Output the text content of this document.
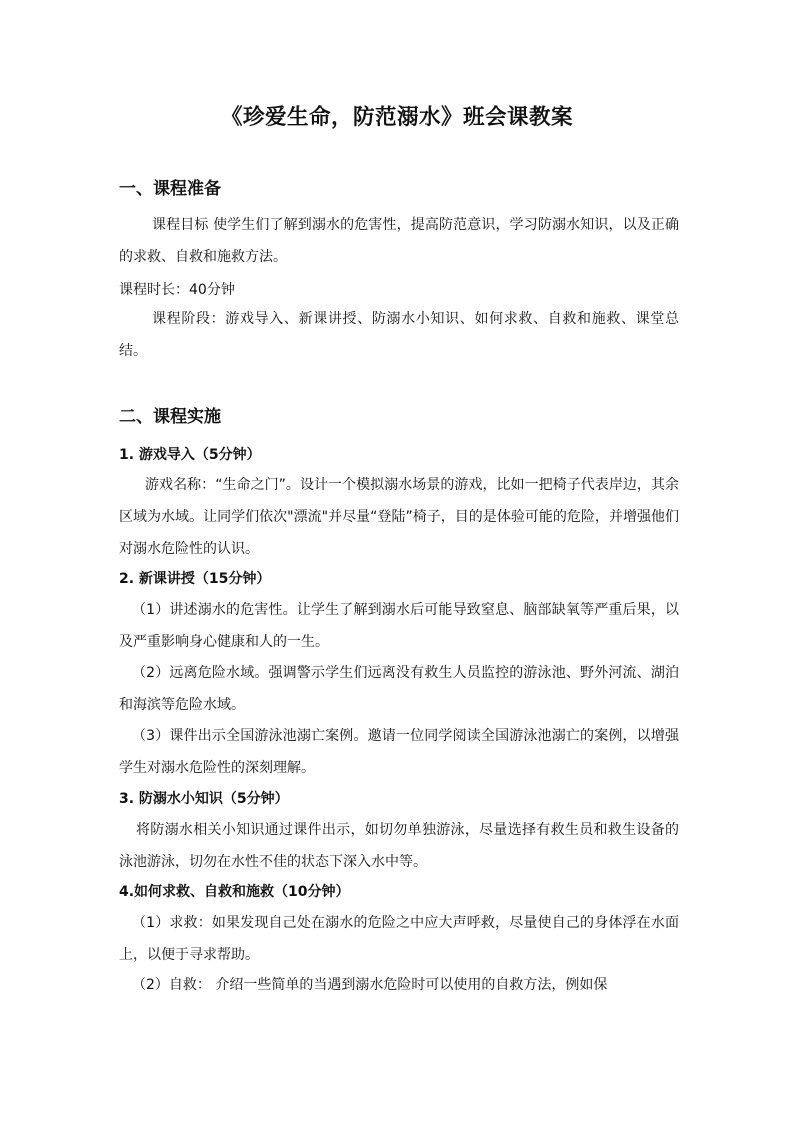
《珍爱生命，防范溺水》班会课教案
一、课程准备
课程目标 使学生们了解到溺水的危害性，提高防范意识，学习防溺水知识，以及正确的求救、自救和施救方法。
课程时长：40分钟
课程阶段：游戏导入、新课讲授、防溺水小知识、如何求救、自救和施救、课堂总结。
二、课程实施
1. 游戏导入（5分钟）
游戏名称：“生命之门”。设计一个模拟溺水场景的游戏，比如一把椅子代表岸边，其余区域为水域。让同学们依次"漂流"并尽量“登陆”椅子，目的是体验可能的危险，并增强他们对溺水危险性的认识。
2. 新课讲授（15分钟）
（1）讲述溺水的危害性。让学生了解到溺水后可能导致窒息、脑部缺氧等严重后果，以及严重影响身心健康和人的一生。
（2）远离危险水域。强调警示学生们远离没有救生人员监控的游泳池、野外河流、湖泊和海滨等危险水域。
（3）课件出示全国游泳池溺亡案例。邀请一位同学阅读全国游泳池溺亡的案例，以增强学生对溺水危险性的深刻理解。
3. 防溺水小知识（5分钟）
将防溺水相关小知识通过课件出示，如切勿单独游泳，尽量选择有救生员和救生设备的泳池游泳，切勿在水性不佳的状态下深入水中等。
4.如何求救、自救和施救（10分钟）
（1）求救：如果发现自己处在溺水的危险之中应大声呼救，尽量使自己的身体浮在水面上，以便于寻求帮助。
（2）自救： 介绍一些简单的当遇到溺水危险时可以使用的自救方法，例如保
